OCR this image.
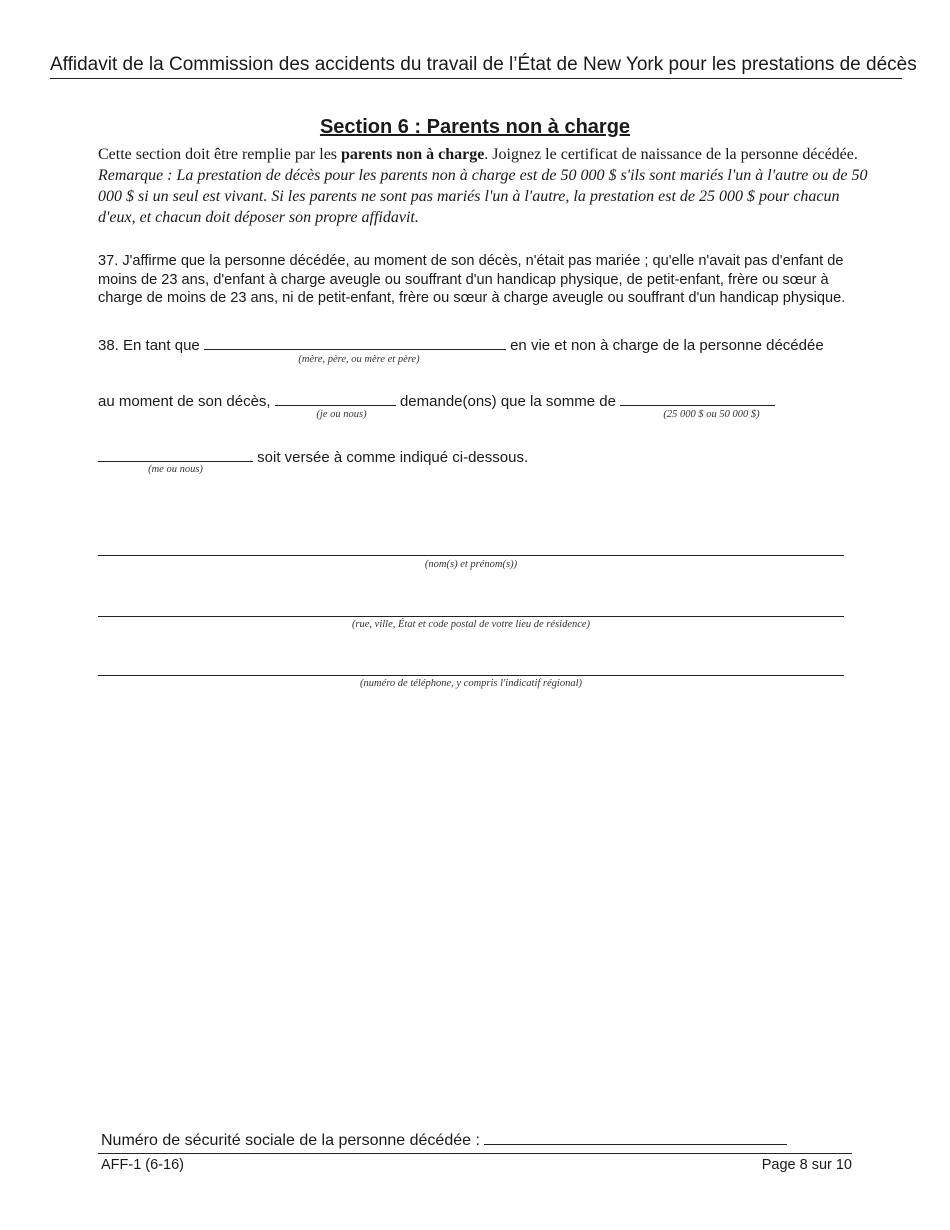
Affidavit de la Commission des accidents du travail de l’État de New York pour les prestations de décès
Section 6 : Parents non à charge
Cette section doit être remplie par les parents non à charge. Joignez le certificat de naissance de la personne décédée. Remarque : La prestation de décès pour les parents non à charge est de 50 000 $ s'ils sont mariés l'un à l'autre ou de 50 000 $ si un seul est vivant. Si les parents ne sont pas mariés l'un à l'autre, la prestation est de 25 000 $ pour chacun d'eux, et chacun doit déposer son propre affidavit.
37. J'affirme que la personne décédée, au moment de son décès, n'était pas mariée ; qu'elle n'avait pas d'enfant de moins de 23 ans, d'enfant à charge aveugle ou souffrant d'un handicap physique, de petit-enfant, frère ou sœur à charge de moins de 23 ans, ni de petit-enfant, frère ou sœur à charge aveugle ou souffrant d'un handicap physique.
38. En tant que	en vie et non à charge de la personne décédée
(mère, père, ou mère et père)
au moment de son décès,	demande(ons) que la somme de
(je ou nous)	(25 000 $ ou 50 000 $)
soit versée à comme indiqué ci-dessous.
(me ou nous)
(nom(s) et prénom(s))
(rue, ville, État et code postal de votre lieu de résidence)
(numéro de téléphone, y compris l'indicatif régional)
Numéro de sécurité sociale de la personne décédée :
AFF-1 (6-16)	Page 8 sur 10
